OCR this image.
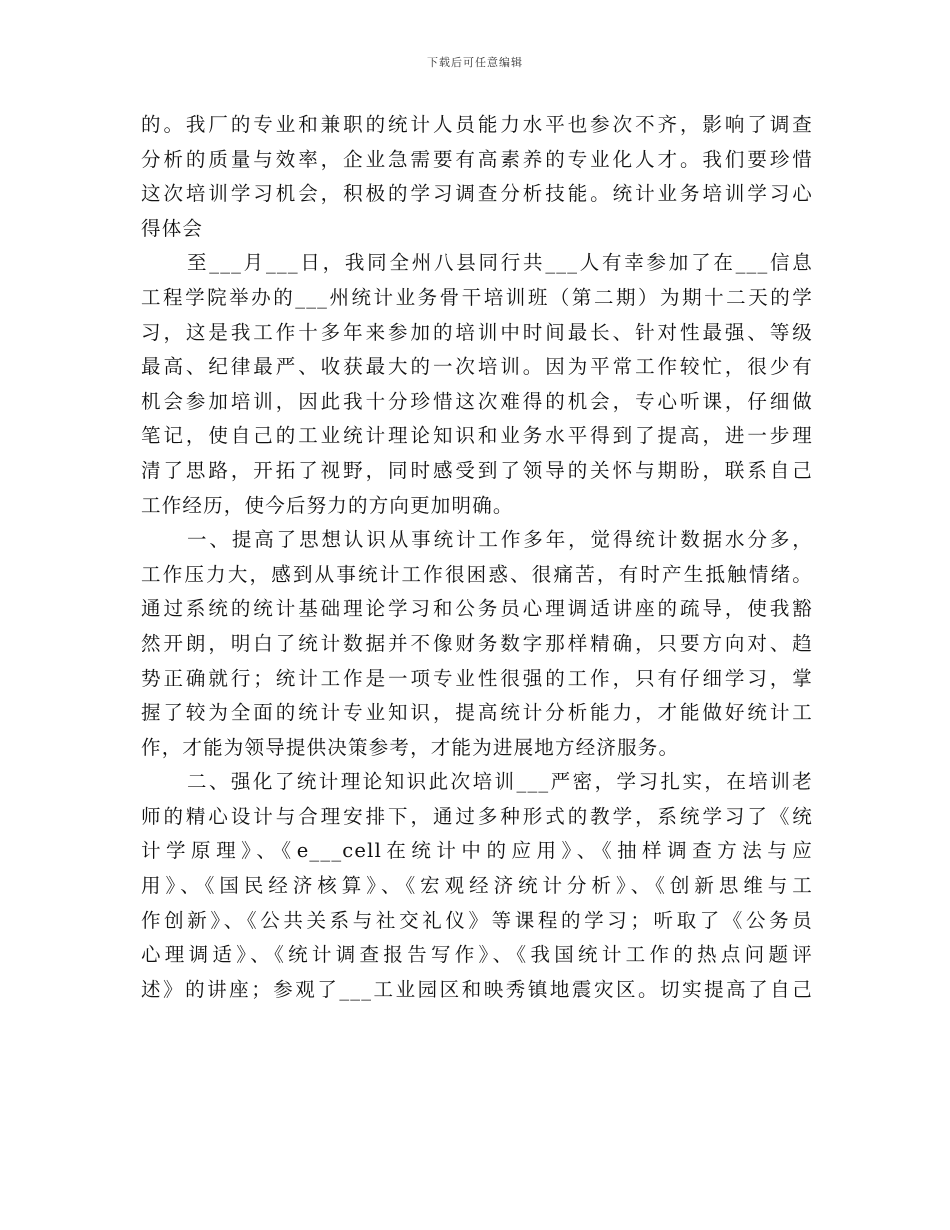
下载后可任意编辑
的。我厂的专业和兼职的统计人员能力水平也参次不齐，影响了调查
分析的质量与效率，企业急需要有高素养的专业化人才。我们要珍惜
这次培训学习机会，积极的学习调查分析技能。统计业务培训学习心
得体会
至___月___日，我同全州八县同行共___人有幸参加了在___信息
工程学院举办的___州统计业务骨干培训班（第二期）为期十二天的学
习，这是我工作十多年来参加的培训中时间最长、针对性最强、等级
最高、纪律最严、收获最大的一次培训。因为平常工作较忙，很少有
机会参加培训，因此我十分珍惜这次难得的机会，专心听课，仔细做
笔记，使自己的工业统计理论知识和业务水平得到了提高，进一步理
清了思路，开拓了视野，同时感受到了领导的关怀与期盼，联系自己
工作经历，使今后努力的方向更加明确。
一、提高了思想认识从事统计工作多年，觉得统计数据水分多，
工作压力大，感到从事统计工作很困惑、很痛苦，有时产生抵触情绪。
通过系统的统计基础理论学习和公务员心理调适讲座的疏导，使我豁
然开朗，明白了统计数据并不像财务数字那样精确，只要方向对、趋
势正确就行；统计工作是一项专业性很强的工作，只有仔细学习，掌
握了较为全面的统计专业知识，提高统计分析能力，才能做好统计工
作，才能为领导提供决策参考，才能为进展地方经济服务。
二、强化了统计理论知识此次培训___严密，学习扎实，在培训老
师的精心设计与合理安排下，通过多种形式的教学，系统学习了《统
计学原理》、《e___cell在统计中的应用》、《抽样调查方法与应
用》、《国民经济核算》、《宏观经济统计分析》、《创新思维与工
作创新》、《公共关系与社交礼仪》等课程的学习；听取了《公务员
心理调适》、《统计调查报告写作》、《我国统计工作的热点问题评
述》的讲座；参观了___工业园区和映秀镇地震灾区。切实提高了自己
